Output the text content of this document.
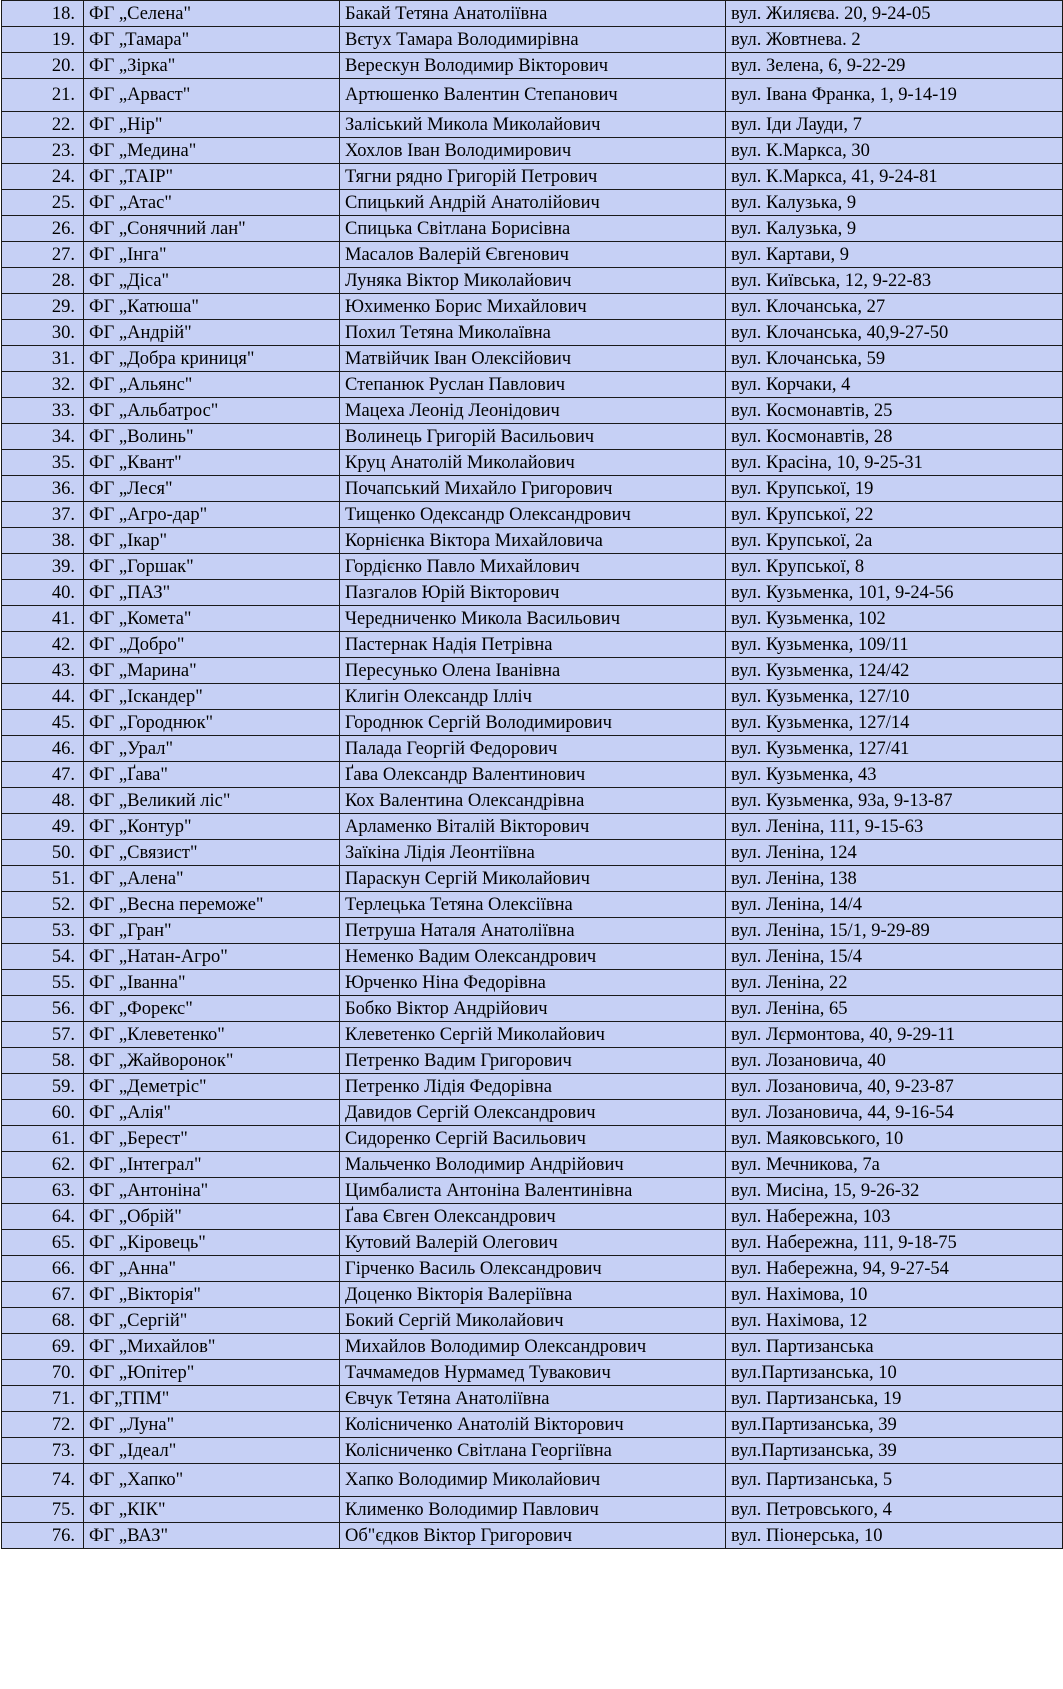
18.	ФГ „Селена"	Бакай Тетяна Анатоліївна	вул. Жиляєва. 20, 9-24-05
19.	ФГ „Тамара"	Вєтух Тамара Володимирівна	вул. Жовтнева. 2
20.	ФГ „Зірка"	Верескун Володимир Вікторович	вул. Зелена, 6, 9-22-29
21.	ФГ „Арваст"	Артюшенко Валентин Степанович	вул. Івана Франка, 1, 9-14-19
22.	ФГ „Нір"	Заліський Микола Миколайович	вул. Іди Лауди, 7
23.	ФГ „Медина"	Хохлов Іван Володимирович	вул. К.Маркса, 30
24.	ФГ „ТАІР"	Тягни рядно Григорій Петрович	вул. К.Маркса, 41, 9-24-81
25.	ФГ „Атас"	Спицький Андрій Анатолійович	вул. Калузька, 9
26.	ФГ „Сонячний лан"	Спицька Світлана Борисівна	вул. Калузька, 9
27.	ФГ „Інга"	Масалов Валерій Євгенович	вул. Картави, 9
28.	ФГ „Діса"	Луняка Віктор Миколайович	вул. Київська, 12, 9-22-83
29.	ФГ „Катюша"	Юхименко Борис Михайлович	вул. Клочанська, 27
30.	ФГ „Андрій"	Похил Тетяна Миколаївна	вул. Клочанська, 40,9-27-50
31.	ФГ „Добра криниця"	Матвійчик Іван Олексійович	вул. Клочанська, 59
32.	ФГ „Альянс"	Степанюк Руслан Павлович	вул. Корчаки, 4
33.	ФГ „Альбатрос"	Мацеха Леонід Леонідович	вул. Космонавтів, 25
34.	ФГ „Волинь"	Волинець Григорій Васильович	вул. Космонавтів, 28
35.	ФГ „Квант"	Круц Анатолій Миколайович	вул. Красіна, 10, 9-25-31
36.	ФГ „Леся"	Почапський Михайло Григорович	вул. Крупської, 19
37.	ФГ „Агро-дар"	Тищенко Одександр Олександрович	вул. Крупської, 22
38.	ФГ „Ікар"	Корнієнка Віктора Михайловича	вул. Крупської, 2а
39.	ФГ „Горшак"	Гордієнко Павло Михайлович	вул. Крупської, 8
40.	ФГ „ПАЗ"	Пазгалов Юрій Вікторович	вул. Кузьменка, 101, 9-24-56
41.	ФГ „Комета"	Чередниченко Микола Васильович	вул. Кузьменка, 102
42.	ФГ „Добро"	Пастернак Надія Петрівна	вул. Кузьменка, 109/11
43.	ФГ „Марина"	Пересунько Олена Іванівна	вул. Кузьменка, 124/42
44.	ФГ „Іскандер"	Клигін Олександр Ілліч	вул. Кузьменка, 127/10
45.	ФГ „Городнюк"	Городнюк Сергій Володимирович	вул. Кузьменка, 127/14
46.	ФГ „Урал"	Палада Георгій Федорович	вул. Кузьменка, 127/41
47.	ФГ „Ґава"	Ґава Олександр Валентинович	вул. Кузьменка, 43
48.	ФГ „Великий ліс"	Кох Валентина Олександрівна	вул. Кузьменка, 93а, 9-13-87
49.	ФГ „Контур"	Арламенко Віталій Вікторович	вул. Леніна, 111, 9-15-63
50.	ФГ „Связист"	Заїкіна Лідія Леонтіївна	вул. Леніна, 124
51.	ФГ „Алена"	Параскун Сергій Миколайович	вул. Леніна, 138
52.	ФГ „Весна переможе"	Терлецька Тетяна Олексіївна	вул. Леніна, 14/4
53.	ФГ „Гран"	Петруша Наталя Анатоліївна	вул. Леніна, 15/1, 9-29-89
54.	ФГ „Натан-Агро"	Неменко Вадим Олександрович	вул. Леніна, 15/4
55.	ФГ „Іванна"	Юрченко Ніна Федорівна	вул. Леніна, 22
56.	ФГ „Форекс"	Бобко Віктор Андрійович	вул. Леніна, 65
57.	ФГ „Клеветенко"	Клеветенко Сергій Миколайович	вул. Лєрмонтова, 40, 9-29-11
58.	ФГ „Жайворонок"	Петренко Вадим Григорович	вул. Лозановича, 40
59.	ФГ „Деметріс"	Петренко Лідія Федорівна	вул. Лозановича, 40, 9-23-87
60.	ФГ „Алія"	Давидов Сергій Олександрович	вул. Лозановича, 44, 9-16-54
61.	ФГ „Берест"	Сидоренко Сергій Васильович	вул. Маяковського, 10
62.	ФГ „Інтеграл"	Мальченко Володимир Андрійович	вул. Мечникова, 7а
63.	ФГ „Антоніна"	Цимбалиста Антоніна Валентинівна	вул. Мисіна, 15, 9-26-32
64.	ФГ „Обрій"	Ґава Євген Олександрович	вул. Набережна, 103
65.	ФГ „Кіровець"	Кутовий Валерій Олегович	вул. Набережна, 111, 9-18-75
66.	ФГ „Анна"	Гірченко Василь Олександрович	вул. Набережна, 94, 9-27-54
67.	ФГ „Вікторія"	Доценко Вікторія Валеріївна	вул. Нахімова, 10
68.	ФГ „Сергій"	Бокий Сергій Миколайович	вул. Нахімова, 12
69.	ФГ „Михайлов"	Михайлов Володимир Олександрович	вул. Партизанська
70.	ФГ „Юпітер"	Тачмамедов Нурмамед Тувакович	вул.Партизанська, 10
71.	ФГ„ТПМ"	Євчук Тетяна Анатоліївна	вул. Партизанська, 19
72.	ФГ „Луна"	Колісниченко Анатолій Вікторович	вул.Партизанська, 39
73.	ФГ „Ідеал"	Колісниченко Світлана Георгіївна	вул.Партизанська, 39
74.	ФГ „Хапко"	Хапко Володимир Миколайович	вул. Партизанська, 5
75.	ФГ „КІК"	Клименко Володимир Павлович	вул. Петровського, 4
76.	ФГ „ВАЗ"	Об"єдков Віктор Григорович	вул. Піонерська, 10
